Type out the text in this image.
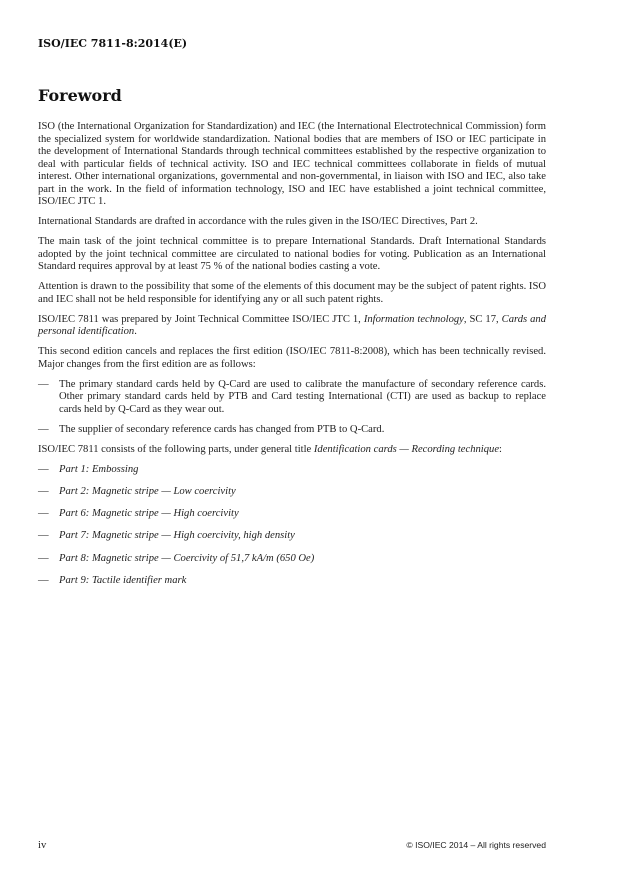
ISO/IEC 7811-8:2014(E)
Foreword

ISO (the International Organization for Standardization) and IEC (the International Electrotechnical Commission) form the specialized system for worldwide standardization. National bodies that are members of ISO or IEC participate in the development of International Standards through technical committees established by the respective organization to deal with particular fields of technical activity. ISO and IEC technical committees collaborate in fields of mutual interest. Other international organizations, governmental and non-governmental, in liaison with ISO and IEC, also take part in the work. In the field of information technology, ISO and IEC have established a joint technical committee, ISO/IEC JTC 1.

International Standards are drafted in accordance with the rules given in the ISO/IEC Directives, Part 2.

The main task of the joint technical committee is to prepare International Standards. Draft International Standards adopted by the joint technical committee are circulated to national bodies for voting. Publication as an International Standard requires approval by at least 75 % of the national bodies casting a vote.

Attention is drawn to the possibility that some of the elements of this document may be the subject of patent rights. ISO and IEC shall not be held responsible for identifying any or all such patent rights.

ISO/IEC 7811 was prepared by Joint Technical Committee ISO/IEC JTC 1, Information technology, SC 17, Cards and personal identification.

This second edition cancels and replaces the first edition (ISO/IEC 7811-8:2008), which has been technically revised. Major changes from the first edition are as follows:

— The primary standard cards held by Q-Card are used to calibrate the manufacture of secondary reference cards. Other primary standard cards held by PTB and Card testing International (CTI) are used as backup to replace cards held by Q-Card as they wear out.
— The supplier of secondary reference cards has changed from PTB to Q-Card.

ISO/IEC 7811 consists of the following parts, under general title Identification cards — Recording technique:

— Part 1: Embossing
— Part 2: Magnetic stripe — Low coercivity
— Part 6: Magnetic stripe — High coercivity
— Part 7: Magnetic stripe — High coercivity, high density
— Part 8: Magnetic stripe — Coercivity of 51,7 kA/m (650 Oe)
— Part 9: Tactile identifier mark
iv	© ISO/IEC 2014 – All rights reserved
